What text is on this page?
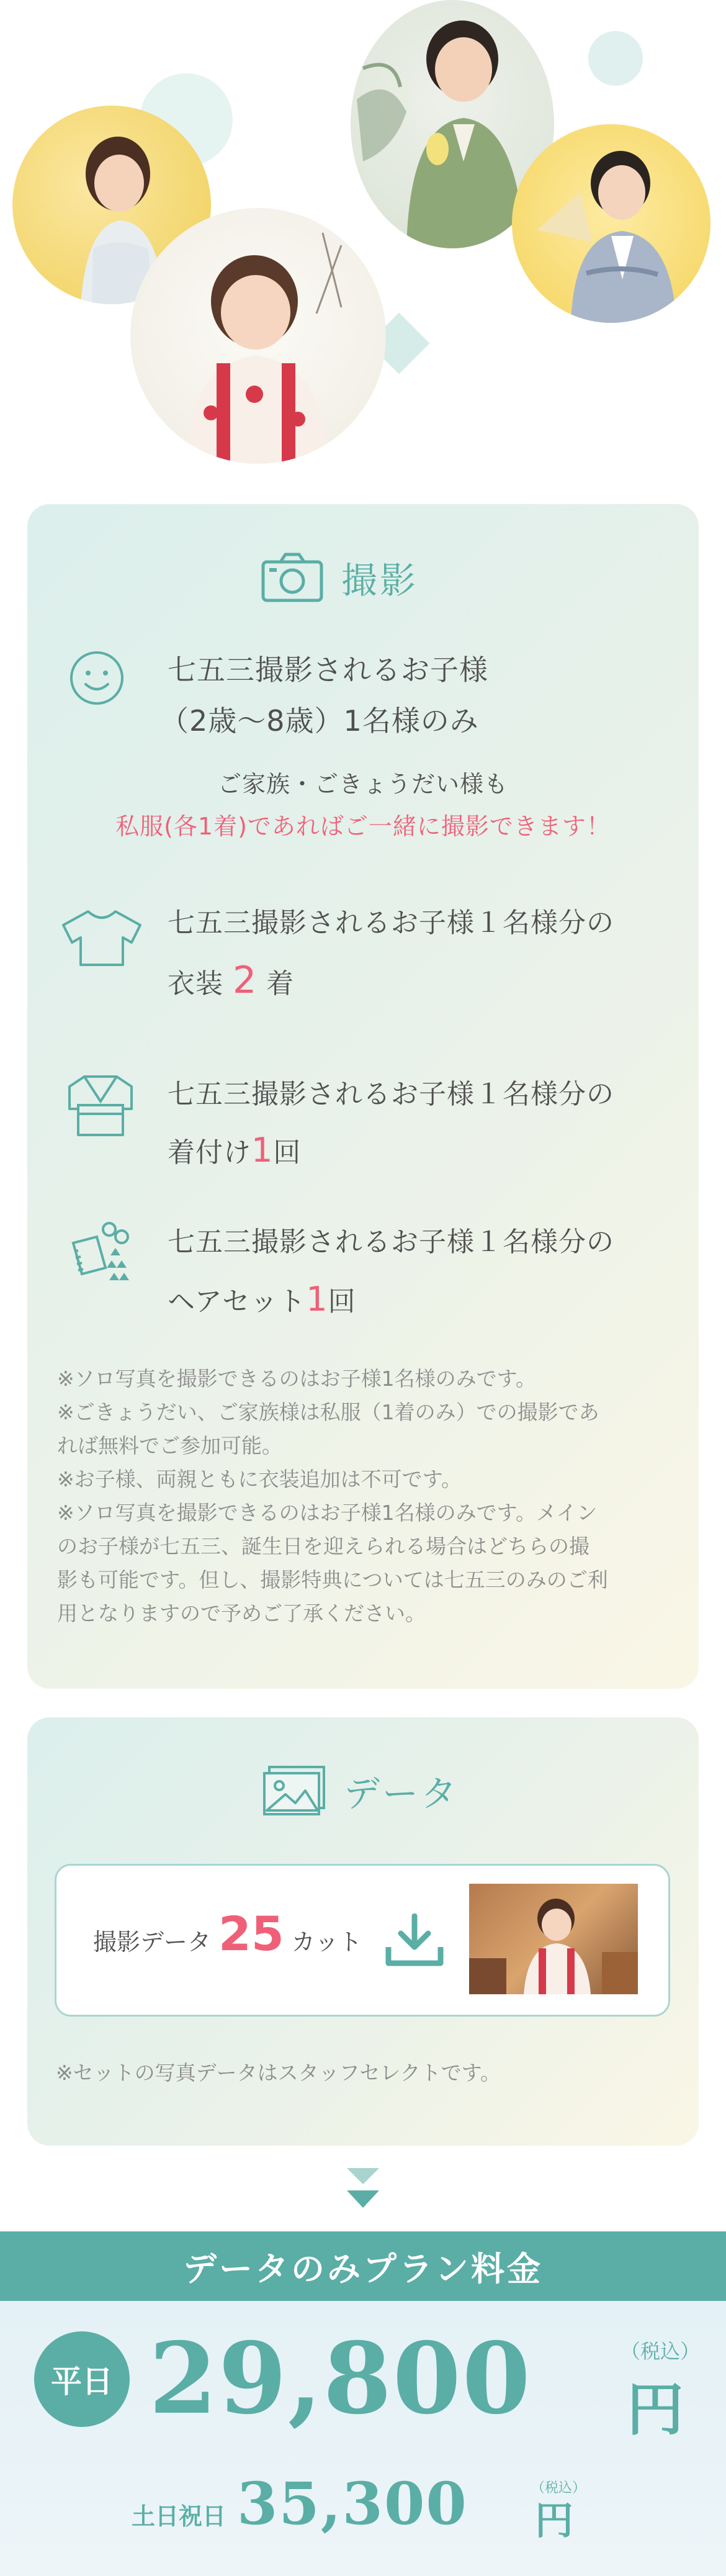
撮影
七五三撮影されるお子様
（2歳〜8歳）1名様のみ
ご家族・ごきょうだい様も
私服(各1着)であればご一緒に撮影できます！
七五三撮影されるお子様１名様分の
衣装 2 着
七五三撮影されるお子様１名様分の
着付け1回
七五三撮影されるお子様１名様分の
ヘアセット1回
※ソロ写真を撮影できるのはお子様1名様のみです。
※ごきょうだい、ご家族様は私服（1着のみ）での撮影であ
れば無料でご参加可能。
※お子様、両親ともに衣装追加は不可です。
※ソロ写真を撮影できるのはお子様1名様のみです。メイン
のお子様が七五三、誕生日を迎えられる場合はどちらの撮
影も可能です。但し、撮影特典については七五三のみのご利
用となりますので予めご了承ください。
データ
撮影データ 25 カット
※セットの写真データはスタッフセレクトです。
データのみプラン料金
平日 29,800	（税込）
円
土日祝日 35,300	（税込）
円
